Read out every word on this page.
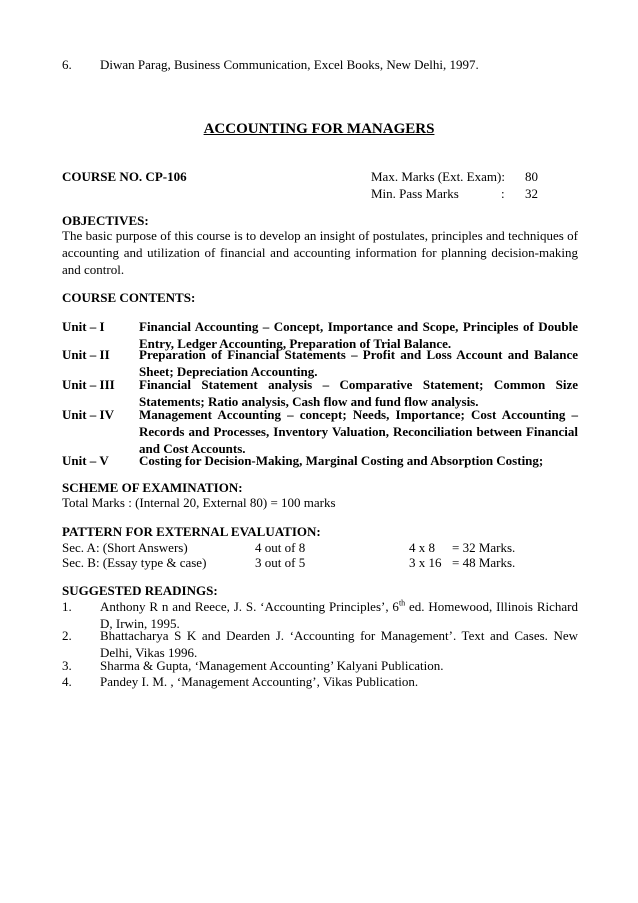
6. Diwan Parag, Business Communication, Excel Books, New Delhi, 1997.
ACCOUNTING FOR MANAGERS
COURSE NO. CP-106	Max. Marks (Ext. Exam): 80
Min. Pass Marks	: 32
OBJECTIVES:
The basic purpose of this course is to develop an insight of postulates, principles and techniques of accounting and utilization of financial and accounting information for planning decision-making and control.
COURSE CONTENTS:
Unit – I	Financial Accounting – Concept, Importance and Scope, Principles of Double Entry, Ledger Accounting, Preparation of Trial Balance.
Unit – II Preparation of Financial Statements – Profit and Loss Account and Balance Sheet; Depreciation Accounting.
Unit – III Financial Statement analysis – Comparative Statement; Common Size Statements; Ratio analysis, Cash flow and fund flow analysis.
Unit – IV Management Accounting – concept; Needs, Importance; Cost Accounting – Records and Processes, Inventory Valuation, Reconciliation between Financial and Cost Accounts.
Unit – V Costing for Decision-Making, Marginal Costing and Absorption Costing;
SCHEME OF EXAMINATION:
Total Marks : (Internal 20, External 80) = 100 marks
PATTERN FOR EXTERNAL EVALUATION:
Sec. A: (Short Answers)	4 out of 8	4 x 8 = 32 Marks.
Sec. B: (Essay type & case)	3 out of 5	3 x 16 = 48 Marks.
SUGGESTED READINGS:
1. Anthony R n and Reece, J. S. ‘Accounting Principles’, 6th ed. Homewood, Illinois Richard D, Irwin, 1995.
2. Bhattacharya S K and Dearden J. ‘Accounting for Management’. Text and Cases. New Delhi, Vikas 1996.
3. Sharma & Gupta, ‘Management Accounting’ Kalyani Publication.
4. Pandey I. M. , ‘Management Accounting’, Vikas Publication.
